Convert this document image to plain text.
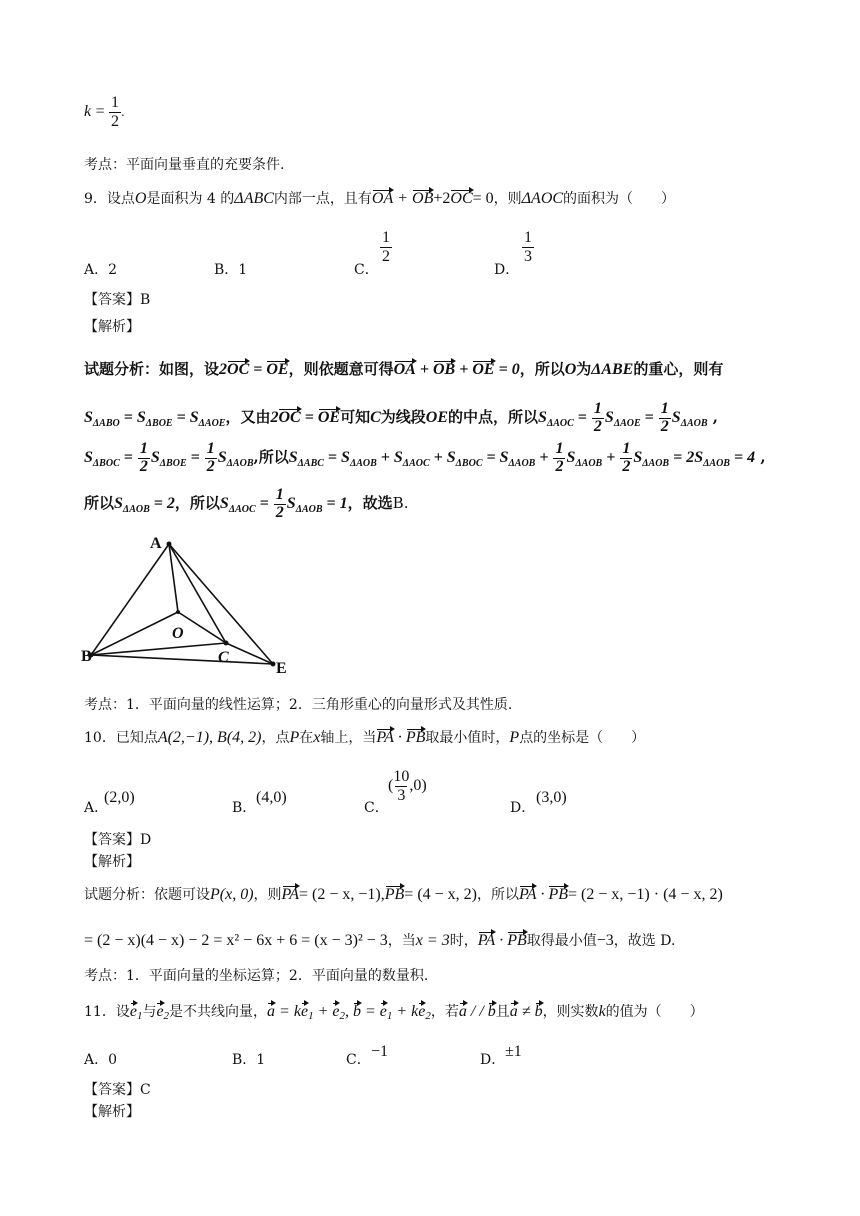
$k = \frac{1}{2}$ .
考点：平面向量垂直的充要条件.
9．设点O是面积为 4 的ΔABC内部一点，且有OA + OB+2OC= 0，则ΔAOC的面积为（　　）
A．2	B．1	C．
$\frac{1}{2}$
D．
$\frac{1}{3}$
【答案】B
【解析】
试题分析：如图，设2OC = OE，则依题意可得OA + OB + OE = 0，所以O为ΔABE的重心，则有
$S_{\Delta ABO} = S_{\Delta BOE} = S_{\Delta AOE}$，又由2OC = OE可知C为线段OE的中点，所以$S_{\Delta AOC} = \frac{1}{2} S_{\Delta AOE} = \frac{1}{2} S_{\Delta AOB}$ ,
$S_{\Delta BOC} = \frac{1}{2} S_{\Delta BOE} = \frac{1}{2} S_{\Delta AOB}$,所以$S_{\Delta ABC} = S_{\Delta AOB} + S_{\Delta AOC} + S_{\Delta BOC} = S_{\Delta AOB} + \frac{1}{2} S_{\Delta AOB} + \frac{1}{2} S_{\Delta AOB} = 2S_{\Delta AOB} = 4$ ,
所以$S_{\Delta AOB} = 2$，所以$S_{\Delta AOC} = \frac{1}{2} S_{\Delta AOB} = 1$，故选B.
A
B
O
C
E
考点：1．平面向量的线性运算；2．三角形重心的向量形式及其性质.
10．已知点A(2,−1), B(4, 2)，点P在x轴上，当PA · PB取最小值时，P点的坐标是（　　）
A．
(2,0)
B．
(4,0)
C．
( $\frac{10}{3} ,0$)
D．
(3,0)
【答案】D
【解析】
试题分析：依题可设P(x, 0)，则PA= (2 − x, −1),PB= (4 − x, 2)，所以PA · PB= (2 − x, −1) · (4 − x, 2)
= (2 − x)(4 − x) − 2 = x² − 6x + 6 = (x − 3)² − 3，当x = 3时，PA · PB取得最小值−3，故选 D.
考点：1．平面向量的坐标运算；2．平面向量的数量积.
11．设e1与e2是不共线向量，a = ke1 + e2, b = e1 + ke2，若a / / b且a ≠ b，则实数k的值为（　　）
A．0	B．1	C． −1	D． ±1
【答案】C
【解析】
